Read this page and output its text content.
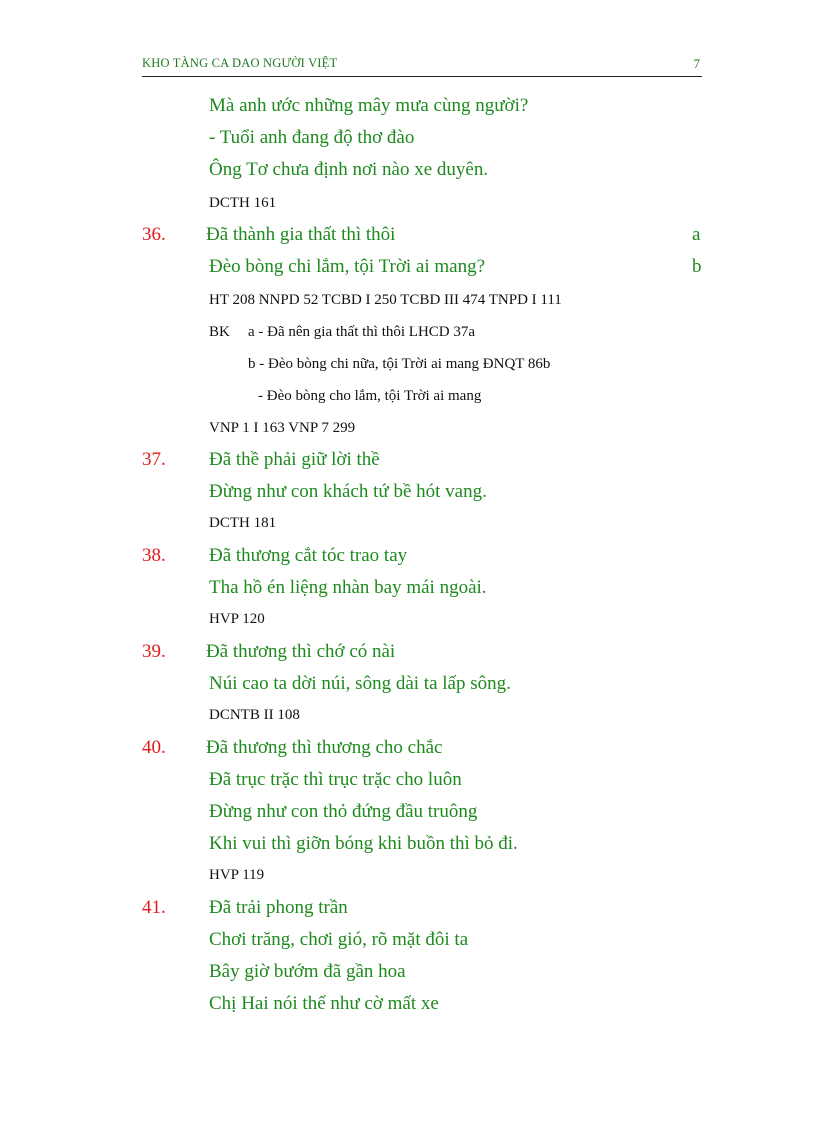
KHO TÀNG CA DAO NGƯỜI VIỆT	7
Mà anh ước những mây mưa cùng người?
- Tuổi anh đang độ thơ đào
Ông Tơ chưa định nơi nào xe duyên.
DCTH 161
36. Đã thành gia thất thì thôi	a
Đèo bòng chi lắm, tội Trời ai mang?	b
HT 208 NNPD 52 TCBD I 250 TCBD III 474 TNPD I 111
BK a - Đã nên gia thất thì thôi LHCD 37a
b - Đèo bòng chi nữa, tội Trời ai mang ĐNQT 86b
- Đèo bòng cho lắm, tội Trời ai mang
VNP 1 I 163 VNP 7 299
37. Đã thề phải giữ lời thề
Đừng như con khách tứ bề hót vang.
DCTH 181
38. Đã thương cắt tóc trao tay
Tha hồ én liệng nhàn bay mái ngoài.
HVP 120
39. Đã thương thì chớ có nài
Núi cao ta dời núi, sông dài ta lấp sông.
DCNTB II 108
40. Đã thương thì thương cho chắc
Đã trục trặc thì trục trặc cho luôn
Đừng như con thỏ đứng đầu truông
Khi vui thì giỡn bóng khi buồn thì bỏ đi.
HVP 119
41. Đã trải phong trần
Chơi trăng, chơi gió, rõ mặt đôi ta
Bây giờ bướm đã gần hoa
Chị Hai nói thế như cờ mất xe
